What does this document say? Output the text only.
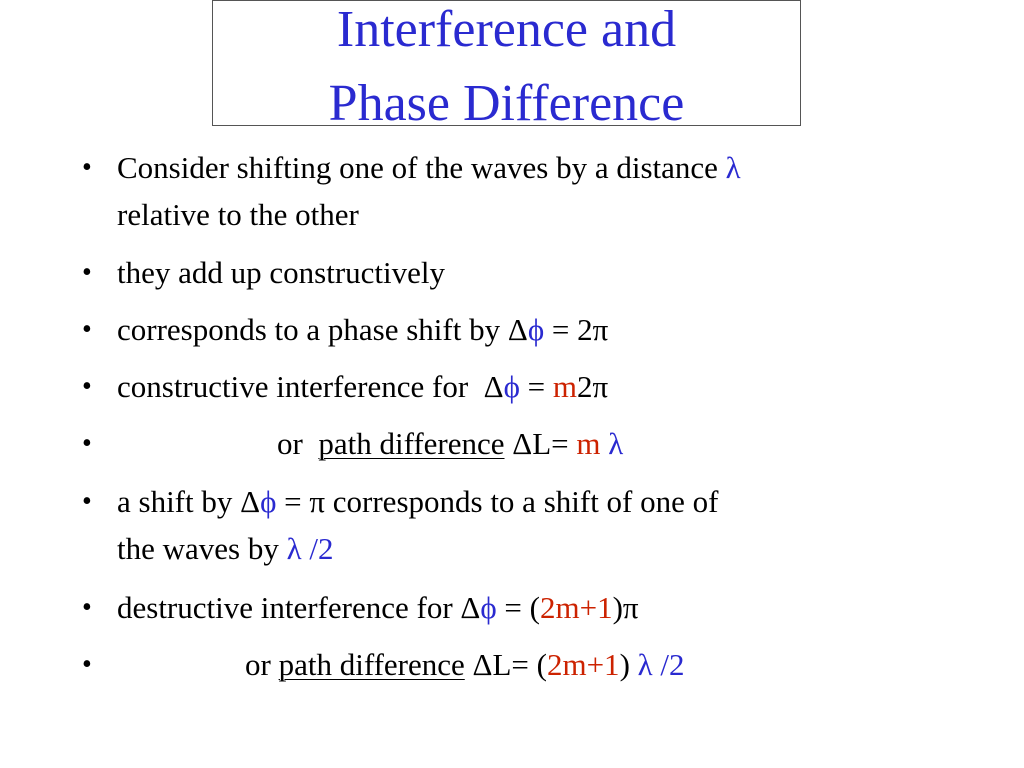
Interference and
Phase Difference
• Consider shifting one of the waves by a distance λ
relative to the other
• they add up constructively
• corresponds to a phase shift by Δϕ = 2π
• constructive interference for  Δϕ = m2π
•	or  path difference ΔL= m λ
• a shift by Δϕ = π corresponds to a shift of one of
the waves by λ /2
• destructive interference for Δϕ = (2m+1)π
•	or path difference ΔL= (2m+1) λ /2
